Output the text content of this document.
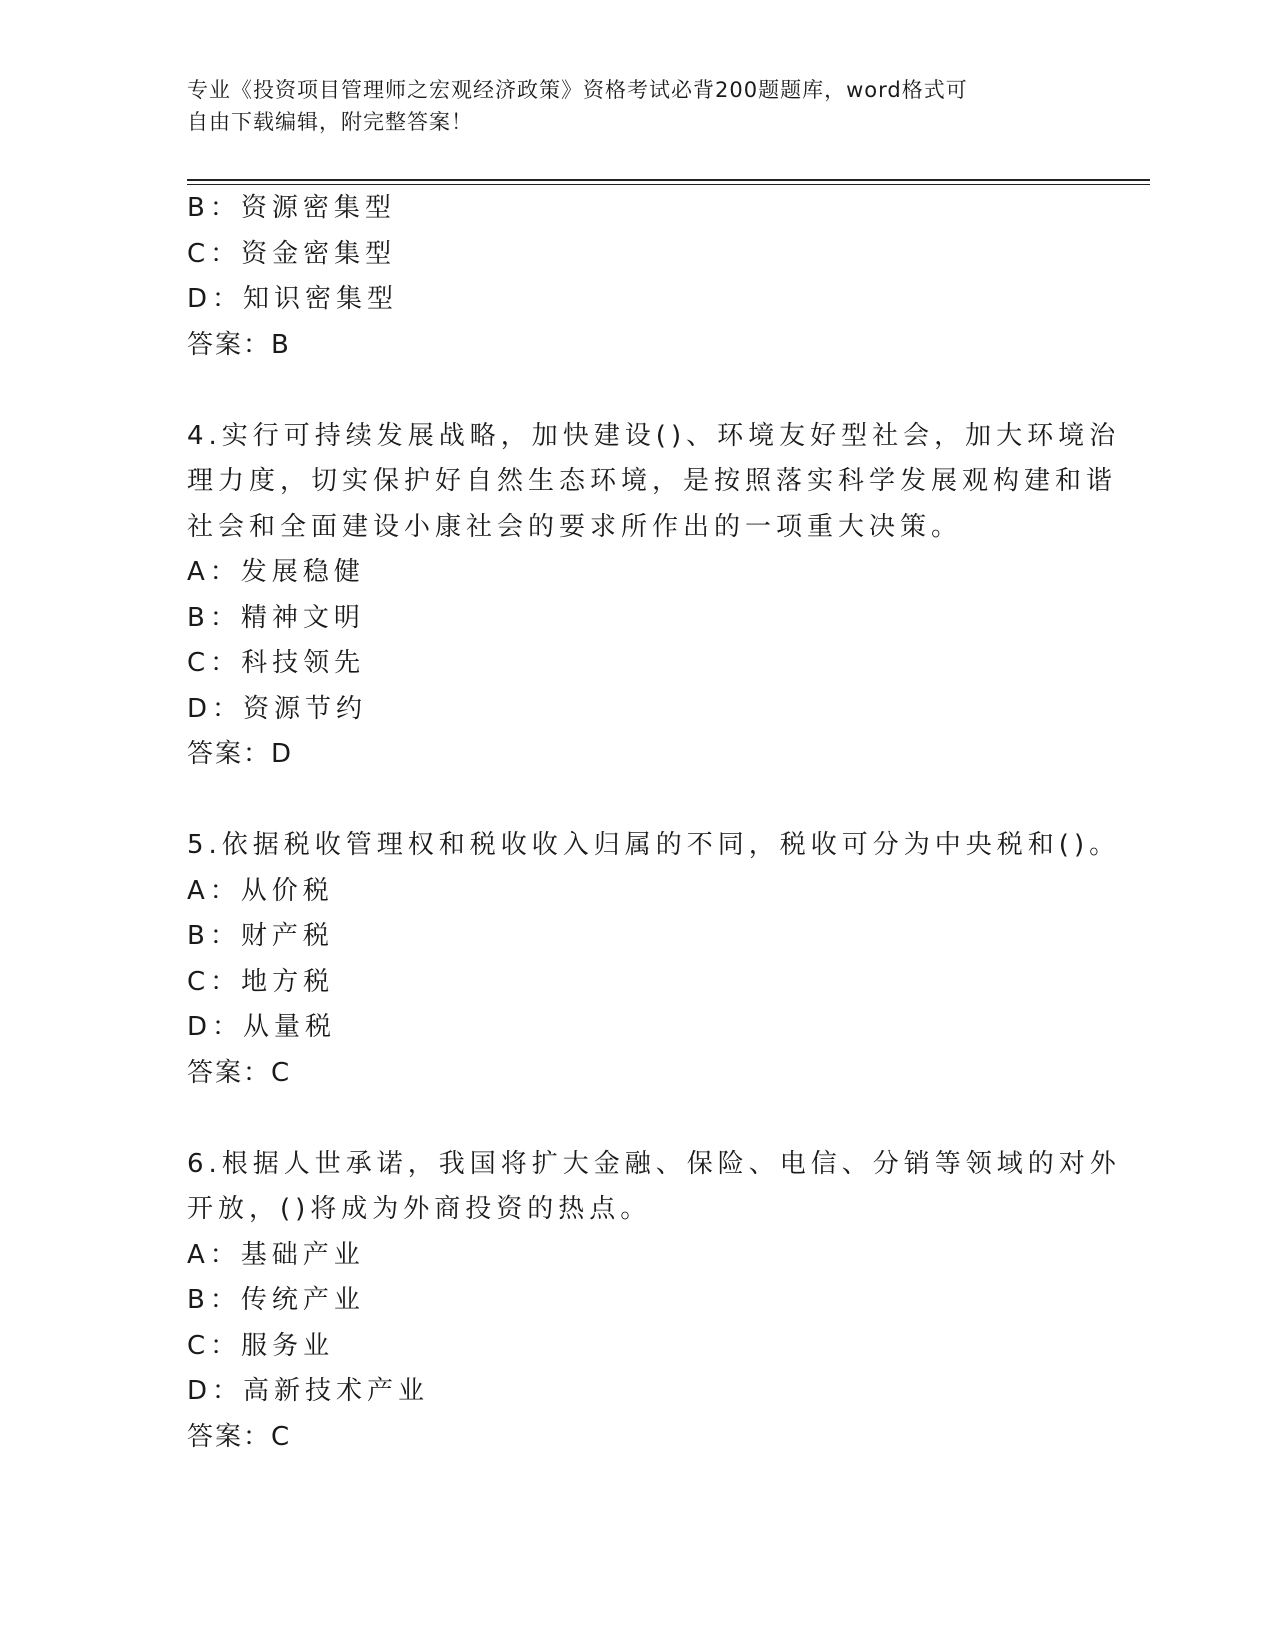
专业《投资项目管理师之宏观经济政策》资格考试必背200题题库，word格式可
自由下载编辑，附完整答案！
B：资源密集型
C：资金密集型
D：知识密集型
答案：B
4.实行可持续发展战略，加快建设()、环境友好型社会，加大环境治
理力度，切实保护好自然生态环境，是按照落实科学发展观构建和谐
社会和全面建设小康社会的要求所作出的一项重大决策。
A：发展稳健
B：精神文明
C：科技领先
D：资源节约
答案：D
5.依据税收管理权和税收收入归属的不同，税收可分为中央税和()。
A：从价税
B：财产税
C：地方税
D：从量税
答案：C
6.根据人世承诺，我国将扩大金融、保险、电信、分销等领域的对外
开放，()将成为外商投资的热点。
A：基础产业
B：传统产业
C：服务业
D：高新技术产业
答案：C
